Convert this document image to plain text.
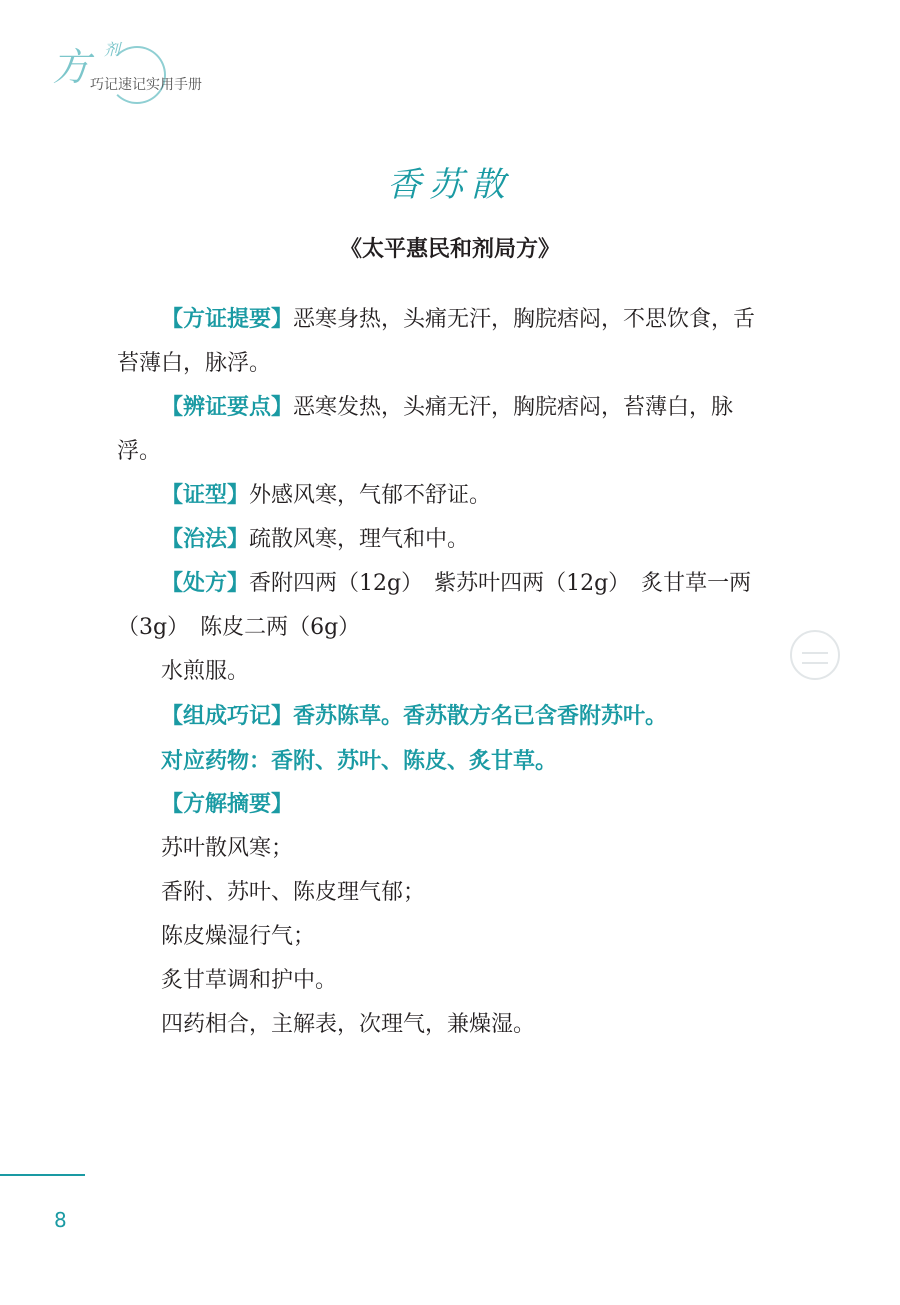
方 剂
巧记速记实用手册
香苏散
《太平惠民和剂局方》

【方证提要】恶寒身热，头痛无汗，胸脘痞闷，不思饮食，舌苔薄白，脉浮。

【辨证要点】恶寒发热，头痛无汗，胸脘痞闷，苔薄白，脉浮。

【证型】外感风寒，气郁不舒证。

【治法】疏散风寒，理气和中。

【处方】香附四两（12g）　紫苏叶四两（12g）　炙甘草一两（3g）　陈皮二两（6g）

水煎服。

【组成巧记】香苏陈草。香苏散方名已含香附苏叶。

对应药物：香附、苏叶、陈皮、炙甘草。

【方解摘要】

苏叶散风寒；

香附、苏叶、陈皮理气郁；

陈皮燥湿行气；

炙甘草调和护中。

四药相合，主解表，次理气，兼燥湿。

8
